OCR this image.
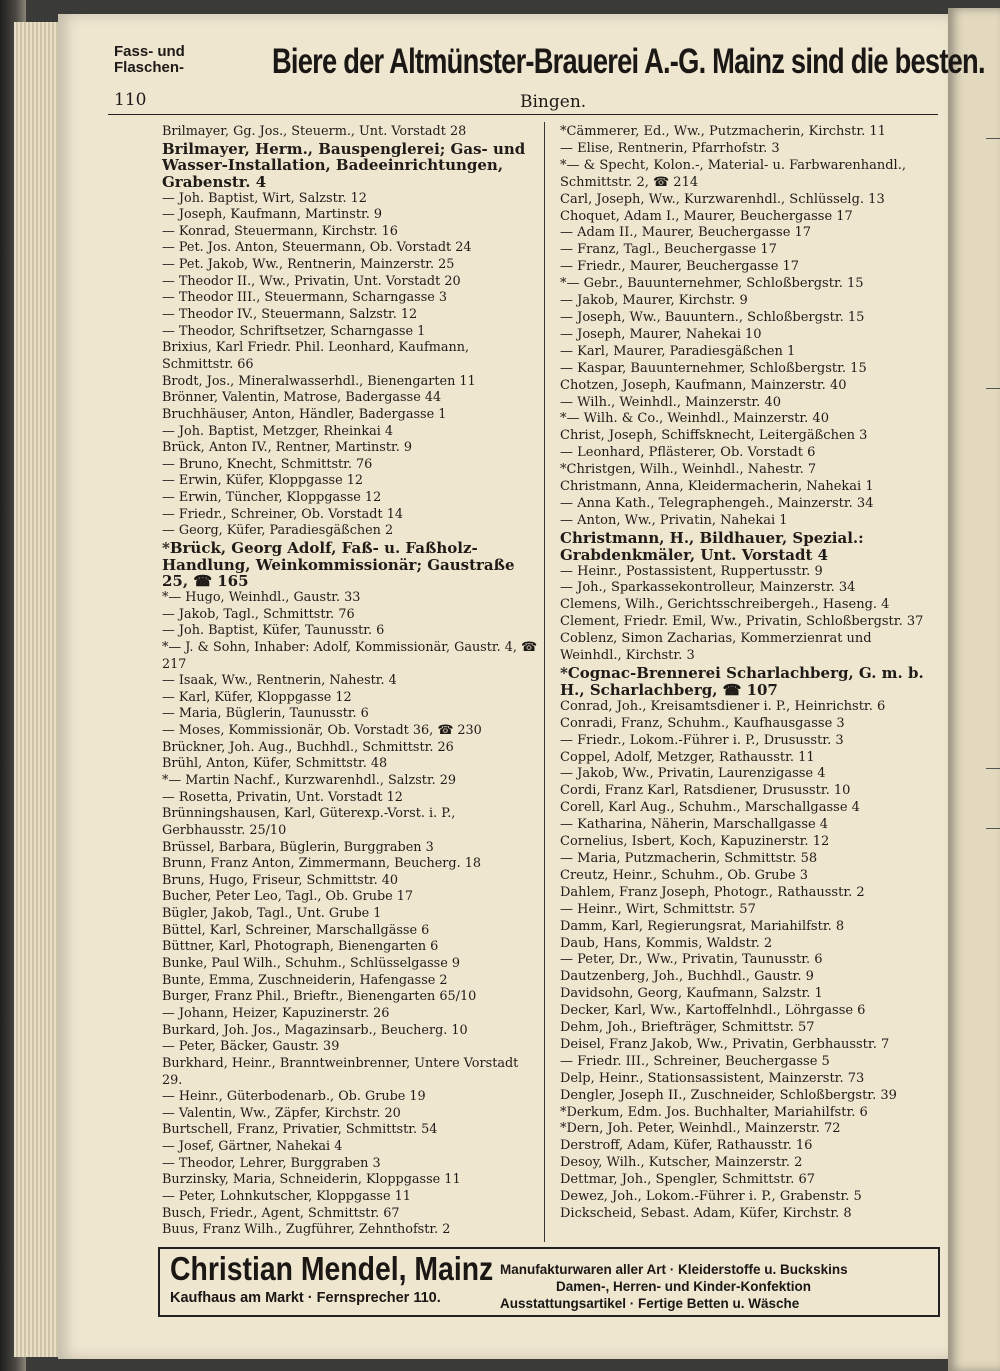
Fass- und
Flaschen-	Biere der Altmünster-Brauerei A.-G. Mainz sind die besten.
110	Bingen.
Brilmayer, Gg. Jos., Steuerm., Unt. Vorstadt 28
Brilmayer, Herm., Bauspenglerei; Gas- und Wasser-Installation, Badeeinrichtungen, Grabenstr. 4
— Joh. Baptist, Wirt, Salzstr. 12
— Joseph, Kaufmann, Martinstr. 9
— Konrad, Steuermann, Kirchstr. 16
— Pet. Jos. Anton, Steuermann, Ob. Vorstadt 24
— Pet. Jakob, Ww., Rentnerin, Mainzerstr. 25
— Theodor II., Ww., Privatin, Unt. Vorstadt 20
— Theodor III., Steuermann, Scharngasse 3
— Theodor IV., Steuermann, Salzstr. 12
— Theodor, Schriftsetzer, Scharngasse 1
Brixius, Karl Friedr. Phil. Leonhard, Kaufmann, Schmittstr. 66
Brodt, Jos., Mineralwasserhdl., Bienengarten 11
Brönner, Valentin, Matrose, Badergasse 44
Bruchhäuser, Anton, Händler, Badergasse 1
— Joh. Baptist, Metzger, Rheinkai 4
Brück, Anton IV., Rentner, Martinstr. 9
— Bruno, Knecht, Schmittstr. 76
— Erwin, Küfer, Kloppgasse 12
— Erwin, Tüncher, Kloppgasse 12
— Friedr., Schreiner, Ob. Vorstadt 14
— Georg, Küfer, Paradiesgäßchen 2
*Brück, Georg Adolf, Faß- u. Faßholz-Handlung, Weinkommissionär; Gaustraße 25, ☎ 165
*— Hugo, Weinhdl., Gaustr. 33
— Jakob, Tagl., Schmittstr. 76
— Joh. Baptist, Küfer, Taunusstr. 6
*— J. & Sohn, Inhaber: Adolf, Kommissionär, Gaustr. 4, ☎ 217
— Isaak, Ww., Rentnerin, Nahestr. 4
— Karl, Küfer, Kloppgasse 12
— Maria, Büglerin, Taunusstr. 6
— Moses, Kommissionär, Ob. Vorstadt 36, ☎ 230
Brückner, Joh. Aug., Buchhdl., Schmittstr. 26
Brühl, Anton, Küfer, Schmittstr. 48
*— Martin Nachf., Kurzwarenhdl., Salzstr. 29
— Rosetta, Privatin, Unt. Vorstadt 12
Brünningshausen, Karl, Güterexp.-Vorst. i. P., Gerbhausstr. 25/10
Brüssel, Barbara, Büglerin, Burggraben 3
Brunn, Franz Anton, Zimmermann, Beucherg. 18
Bruns, Hugo, Friseur, Schmittstr. 40
Bucher, Peter Leo, Tagl., Ob. Grube 17
Bügler, Jakob, Tagl., Unt. Grube 1
Büttel, Karl, Schreiner, Marschallgässe 6
Büttner, Karl, Photograph, Bienengarten 6
Bunke, Paul Wilh., Schuhm., Schlüsselgasse 9
Bunte, Emma, Zuschneiderin, Hafengasse 2
Burger, Franz Phil., Brieftr., Bienengarten 65/10
— Johann, Heizer, Kapuzinerstr. 26
Burkard, Joh. Jos., Magazinsarb., Beucherg. 10
— Peter, Bäcker, Gaustr. 39
Burkhard, Heinr., Branntweinbrenner, Untere Vorstadt 29.
— Heinr., Güterbodenarb., Ob. Grube 19
— Valentin, Ww., Zäpfer, Kirchstr. 20
Burtschell, Franz, Privatier, Schmittstr. 54
— Josef, Gärtner, Nahekai 4
— Theodor, Lehrer, Burggraben 3
Burzinsky, Maria, Schneiderin, Kloppgasse 11
— Peter, Lohnkutscher, Kloppgasse 11
Busch, Friedr., Agent, Schmittstr. 67
Buus, Franz Wilh., Zugführer, Zehnthofstr. 2
*Cämmerer, Ed., Ww., Putzmacherin, Kirchstr. 11
— Elise, Rentnerin, Pfarrhofstr. 3
*— & Specht, Kolon.-, Material- u. Farbwarenhandl., Schmittstr. 2, ☎ 214
Carl, Joseph, Ww., Kurzwarenhdl., Schlüsselg. 13
Choquet, Adam I., Maurer, Beuchergasse 17
— Adam II., Maurer, Beuchergasse 17
— Franz, Tagl., Beuchergasse 17
— Friedr., Maurer, Beuchergasse 17
*— Gebr., Bauunternehmer, Schloßbergstr. 15
— Jakob, Maurer, Kirchstr. 9
— Joseph, Ww., Bauuntern., Schloßbergstr. 15
— Joseph, Maurer, Nahekai 10
— Karl, Maurer, Paradiesgäßchen 1
— Kaspar, Bauunternehmer, Schloßbergstr. 15
Chotzen, Joseph, Kaufmann, Mainzerstr. 40
— Wilh., Weinhdl., Mainzerstr. 40
*— Wilh. & Co., Weinhdl., Mainzerstr. 40
Christ, Joseph, Schiffsknecht, Leitergäßchen 3
— Leonhard, Pflästerer, Ob. Vorstadt 6
*Christgen, Wilh., Weinhdl., Nahestr. 7
Christmann, Anna, Kleidermacherin, Nahekai 1
— Anna Kath., Telegraphengeh., Mainzerstr. 34
— Anton, Ww., Privatin, Nahekai 1
Christmann, H., Bildhauer, Spezial.: Grabdenkmäler, Unt. Vorstadt 4
— Heinr., Postassistent, Ruppertusstr. 9
— Joh., Sparkassekontrolleur, Mainzerstr. 34
Clemens, Wilh., Gerichtsschreibergeh., Haseng. 4
Clement, Friedr. Emil, Ww., Privatin, Schloßbergstr. 37
Coblenz, Simon Zacharias, Kommerzienrat und Weinhdl., Kirchstr. 3
*Cognac-Brennerei Scharlachberg, G. m. b. H., Scharlachberg, ☎ 107
Conrad, Joh., Kreisamtsdiener i. P., Heinrichstr. 6
Conradi, Franz, Schuhm., Kaufhausgasse 3
— Friedr., Lokom.-Führer i. P., Drususstr. 3
Coppel, Adolf, Metzger, Rathausstr. 11
— Jakob, Ww., Privatin, Laurenzigasse 4
Cordi, Franz Karl, Ratsdiener, Drususstr. 10
Corell, Karl Aug., Schuhm., Marschallgasse 4
— Katharina, Näherin, Marschallgasse 4
Cornelius, Isbert, Koch, Kapuzinerstr. 12
— Maria, Putzmacherin, Schmittstr. 58
Creutz, Heinr., Schuhm., Ob. Grube 3
Dahlem, Franz Joseph, Photogr., Rathausstr. 2
— Heinr., Wirt, Schmittstr. 57
Damm, Karl, Regierungsrat, Mariahilfstr. 8
Daub, Hans, Kommis, Waldstr. 2
— Peter, Dr., Ww., Privatin, Taunusstr. 6
Dautzenberg, Joh., Buchhdl., Gaustr. 9
Davidsohn, Georg, Kaufmann, Salzstr. 1
Decker, Karl, Ww., Kartoffelnhdl., Löhrgasse 6
Dehm, Joh., Briefträger, Schmittstr. 57
Deisel, Franz Jakob, Ww., Privatin, Gerbhausstr. 7
— Friedr. III., Schreiner, Beuchergasse 5
Delp, Heinr., Stationsassistent, Mainzerstr. 73
Dengler, Joseph II., Zuschneider, Schloßbergstr. 39
*Derkum, Edm. Jos. Buchhalter, Mariahilfstr. 6
*Dern, Joh. Peter, Weinhdl., Mainzerstr. 72
Derstroff, Adam, Küfer, Rathausstr. 16
Desoy, Wilh., Kutscher, Mainzerstr. 2
Dettmar, Joh., Spengler, Schmittstr. 67
Dewez, Joh., Lokom.-Führer i. P., Grabenstr. 5
Dickscheid, Sebast. Adam, Küfer, Kirchstr. 8
Christian Mendel, Mainz
Kaufhaus am Markt · Fernsprecher 110.
Manufakturwaren aller Art · Kleiderstoffe u. Buckskins
Damen-, Herren- und Kinder-Konfektion
Ausstattungsartikel · Fertige Betten u. Wäsche
